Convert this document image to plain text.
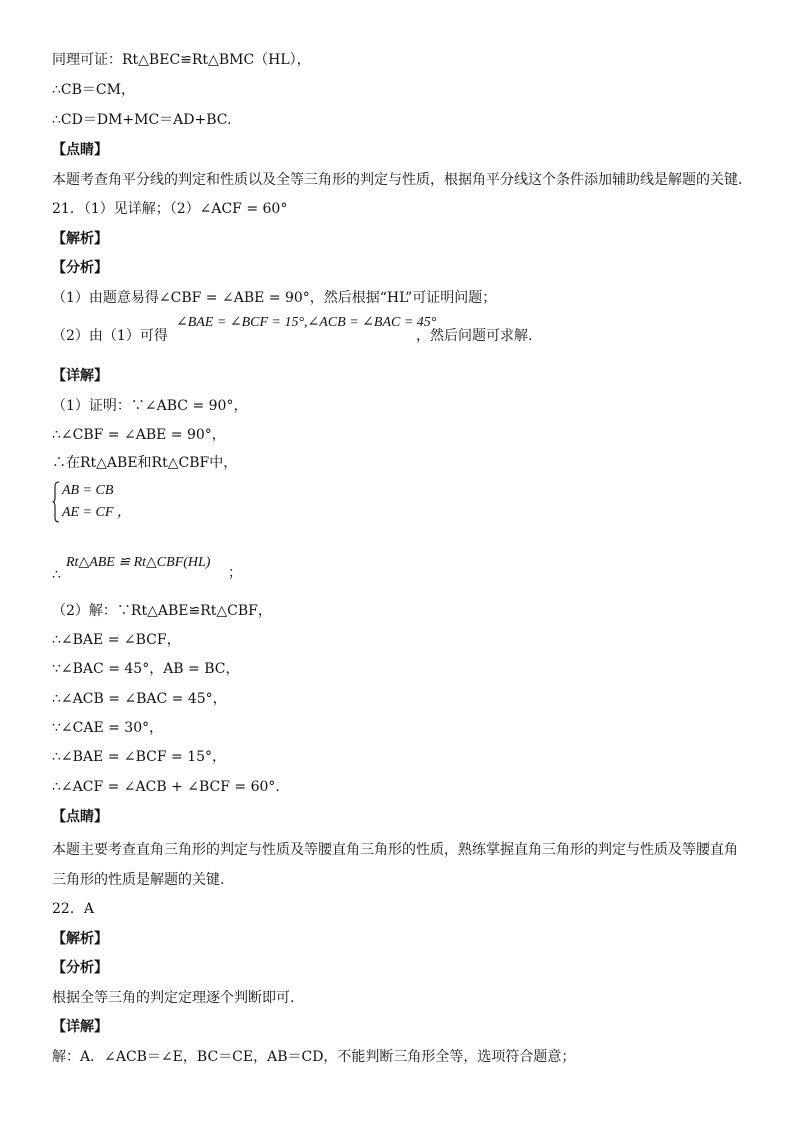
同理可证：Rt△BEC≌Rt△BMC（HL），
∴CB＝CM，
∴CD＝DM+MC＝AD+BC.
【点睛】
本题考查角平分线的判定和性质以及全等三角形的判定与性质，根据角平分线这个条件添加辅助线是解题的关键.
21．（1）见详解；（2）∠ACF = 60°
【解析】
【分析】
（1）由题意易得∠CBF = ∠ABE = 90°，然后根据“HL”可证明问题；
（2）由（1）可得
∠BAE = ∠BCF = 15°,∠ACB = ∠BAC = 45°
，然后问题可求解.
【详解】
（1）证明：∵∠ABC = 90°，
∴∠CBF = ∠ABE = 90°，
∴在Rt△ABE和Rt△CBF中，
AB = CB
AE = CF ，
∴
Rt△ABE ≌ Rt△CBF(HL)
；
（2）解：∵Rt△ABE≌Rt△CBF，
∴∠BAE = ∠BCF，
∵∠BAC = 45°，AB = BC，
∴∠ACB = ∠BAC = 45°，
∵∠CAE = 30°，
∴∠BAE = ∠BCF = 15°，
∴∠ACF = ∠ACB + ∠BCF = 60°.
【点睛】
本题主要考查直角三角形的判定与性质及等腰直角三角形的性质，熟练掌握直角三角形的判定与性质及等腰直角
三角形的性质是解题的关键.
22．A
【解析】
【分析】
根据全等三角的判定定理逐个判断即可.
【详解】
解：A．∠ACB＝∠E，BC＝CE，AB＝CD，不能判断三角形全等，选项符合题意；
